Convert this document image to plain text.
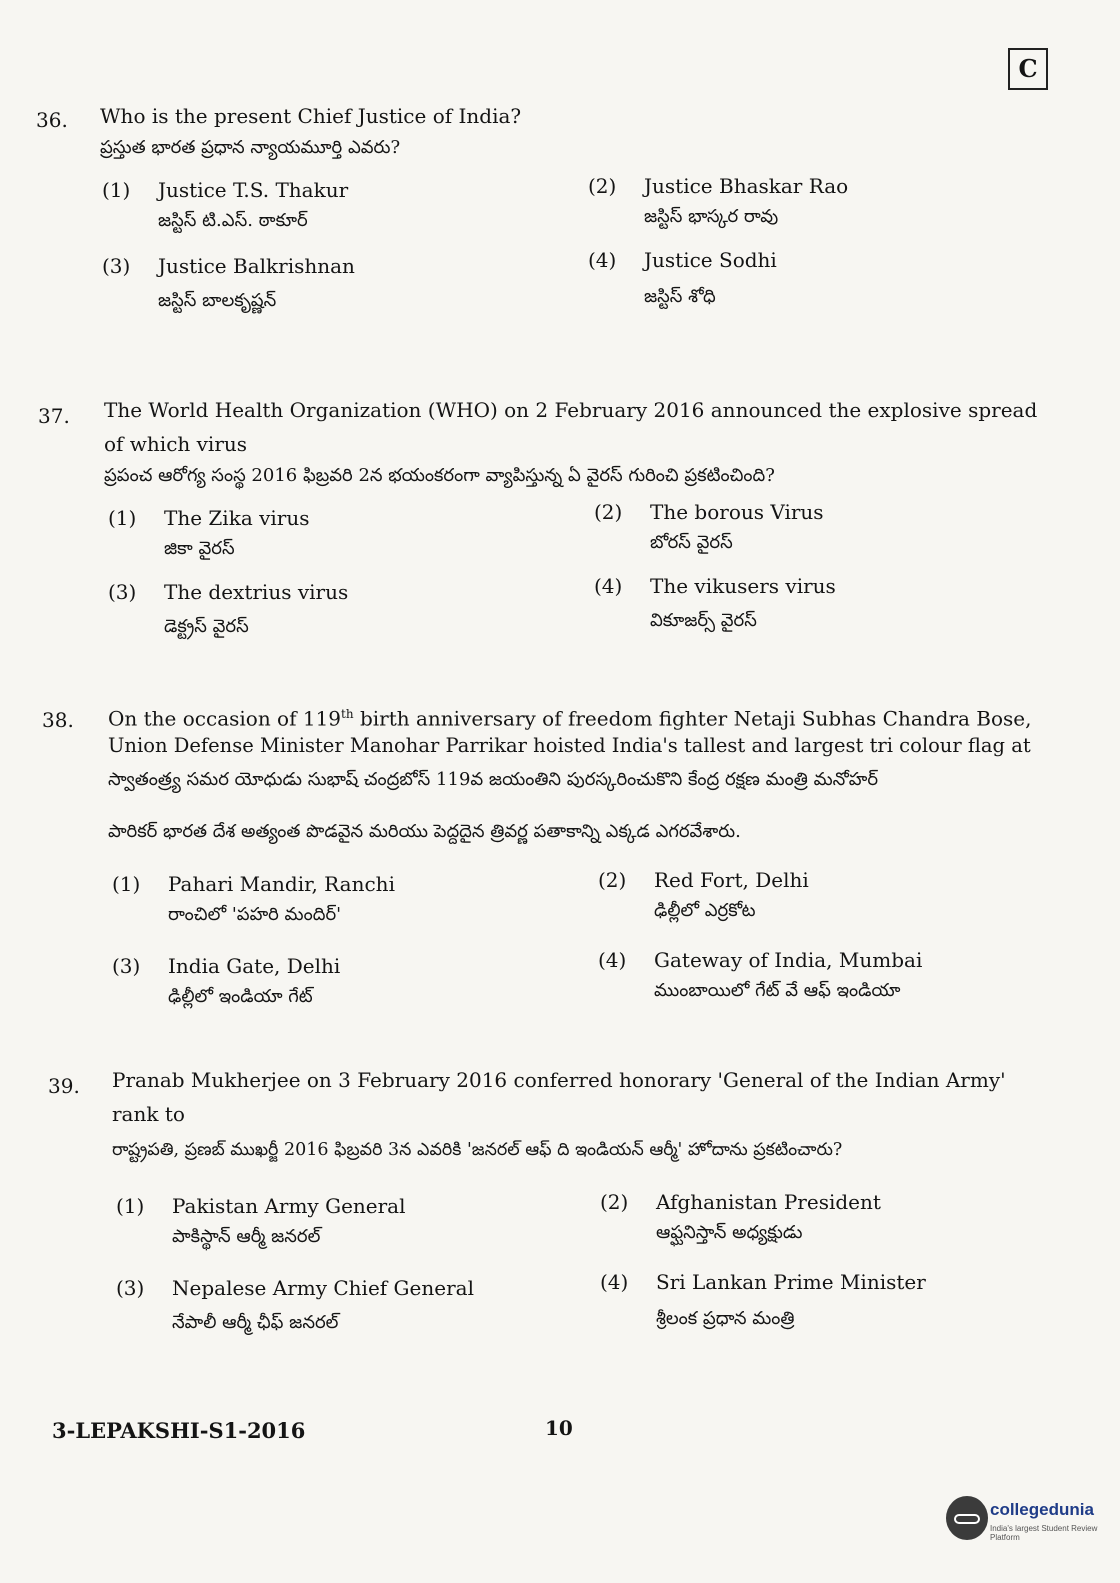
C
36. Who is the present Chief Justice of India?
ప్రస్తుత భారత ప్రధాన న్యాయమూర్తి ఎవరు?
(1) Justice T.S. Thakur
జస్టిస్ టి.ఎస్. ఠాకూర్
(2) Justice Bhaskar Rao
జస్టిస్ భాస్కర రావు
(3) Justice Balkrishnan
జస్టిస్ బాలకృష్ణన్
(4) Justice Sodhi
జస్టిస్ శోధి
37. The World Health Organization (WHO) on 2 February 2016 announced the explosive spread
of which virus
ప్రపంచ ఆరోగ్య సంస్థ 2016 ఫిబ్రవరి 2న భయంకరంగా వ్యాపిస్తున్న ఏ వైరస్ గురించి ప్రకటించింది?
(1) The Zika virus
జికా వైరస్
(2) The borous Virus
బోరస్ వైరస్
(3) The dextrius virus
డెక్ట్రస్ వైరస్
(4) The vikusers virus
వికూజర్స్ వైరస్
38. On the occasion of 119th birth anniversary of freedom fighter Netaji Subhas Chandra Bose,
Union Defense Minister Manohar Parrikar hoisted India's tallest and largest tri colour flag at
స్వాతంత్ర్య సమర యోధుడు సుభాష్ చంద్రబోస్ 119వ జయంతిని పురస్కరించుకొని కేంద్ర రక్షణ మంత్రి మనోహర్
పారికర్ భారత దేశ అత్యంత పొడవైన మరియు పెద్దదైన త్రివర్ణ పతాకాన్ని ఎక్కడ ఎగరవేశారు.
(1) Pahari Mandir, Ranchi
రాంచిలో 'పహరి మందిర్'
(2) Red Fort, Delhi
ఢిల్లీలో ఎర్రకోట
(3) India Gate, Delhi
ఢిల్లీలో ఇండియా గేట్
(4) Gateway of India, Mumbai
ముంబాయిలో గేట్ వే ఆఫ్ ఇండియా
39. Pranab Mukherjee on 3 February 2016 conferred honorary 'General of the Indian Army'
rank to
రాష్ట్రపతి, ప్రణబ్ ముఖర్జీ 2016 ఫిబ్రవరి 3న ఎవరికి 'జనరల్ ఆఫ్ ది ఇండియన్ ఆర్మీ' హోదాను ప్రకటించారు?
(1) Pakistan Army General
పాకిస్థాన్ ఆర్మీ జనరల్
(2) Afghanistan President
ఆఫ్ఘనిస్తాన్ అధ్యక్షుడు
(3) Nepalese Army Chief General
నేపాలీ ఆర్మీ ఛీఫ్ జనరల్
(4) Sri Lankan Prime Minister
శ్రీలంక ప్రధాన మంత్రి
3-LEPAKSHI-S1-2016	10
collegedunia
India's largest Student Review Platform
